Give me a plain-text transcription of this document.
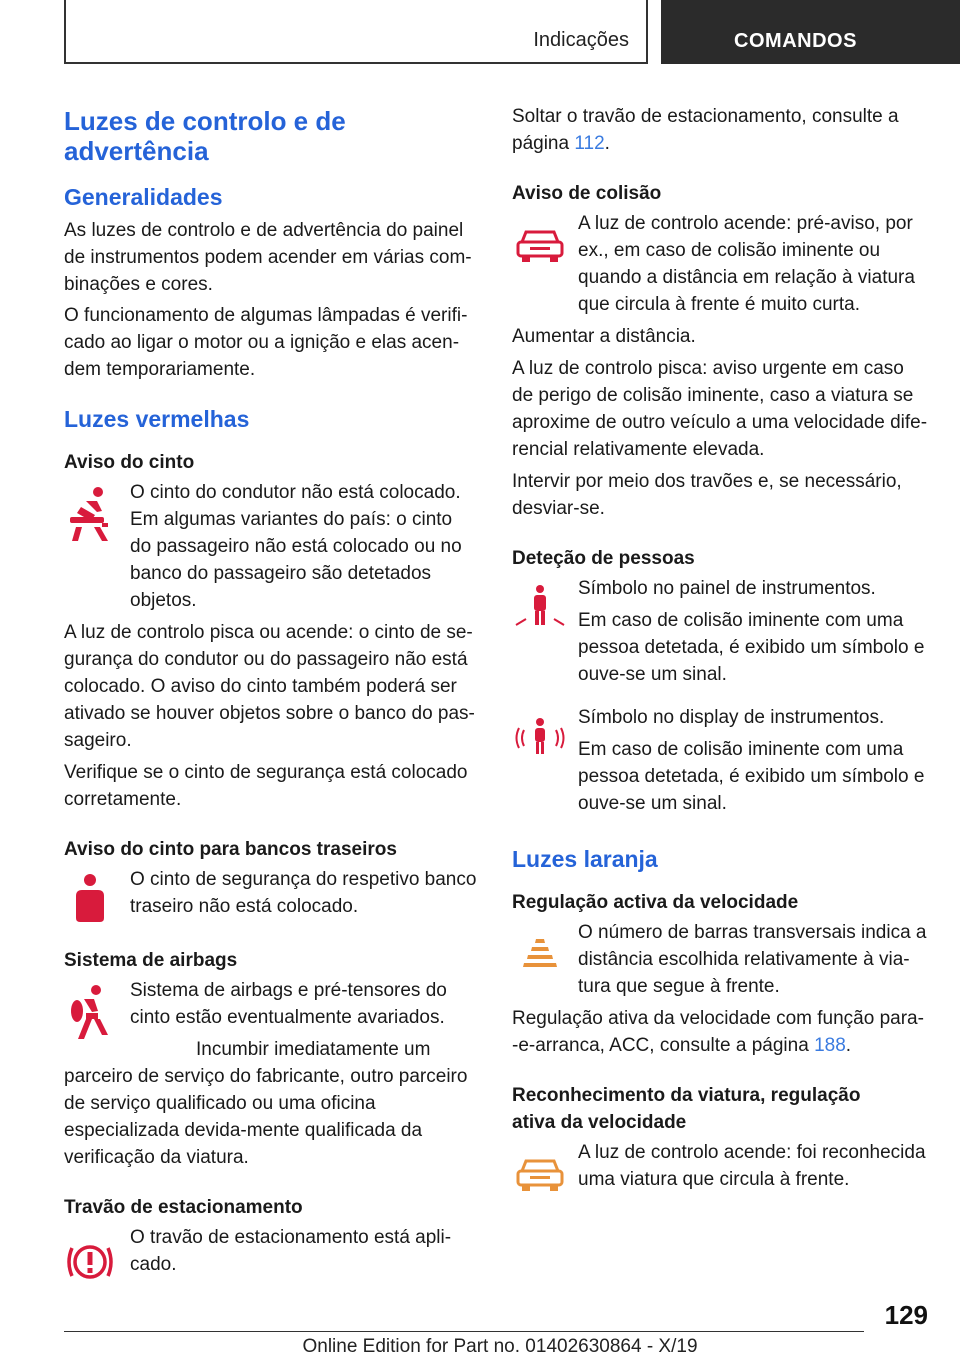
Indicações	COMANDOS
Luzes de controlo e de advertência
Generalidades

As luzes de controlo e de advertência do painel de instrumentos podem acender em várias com-binações e cores.

O funcionamento de algumas lâmpadas é verifi-cado ao ligar o motor ou a ignição e elas acen-dem temporariamente.

Luzes vermelhas
Aviso do cinto

O cinto do condutor não está colocado. Em algumas variantes do país: o cinto do passageiro não está colocado ou no banco do passageiro são detetados objetos.

A luz de controlo pisca ou acende: o cinto de se-gurança do condutor ou do passageiro não está colocado. O aviso do cinto também poderá ser ativado se houver objetos sobre o banco do pas-sageiro.

Verifique se o cinto de segurança está colocado corretamente.

Aviso do cinto para bancos traseiros

O cinto de segurança do respetivo banco traseiro não está colocado.

Sistema de airbags

Sistema de airbags e pré-tensores do cinto estão eventualmente avariados.

Incumbir imediatamente um parceiro de serviço do fabricante, outro parceiro de serviço qualificado ou uma oficina especializada devida-mente qualificada da verificação da viatura.

Travão de estacionamento

O travão de estacionamento está apli-cado.

Soltar o travão de estacionamento, consulte a página 112.

Aviso de colisão

A luz de controlo acende: pré-aviso, por ex., em caso de colisão iminente ou quando a distância em relação à viatura que circula à frente é muito curta.

Aumentar a distância.

A luz de controlo pisca: aviso urgente em caso de perigo de colisão iminente, caso a viatura se aproxime de outro veículo a uma velocidade dife-rencial relativamente elevada.

Intervir por meio dos travões e, se necessário, desviar-se.

Deteção de pessoas

Símbolo no painel de instrumentos.

Em caso de colisão iminente com uma pessoa detetada, é exibido um símbolo e ouve-se um sinal.

Símbolo no display de instrumentos.

Em caso de colisão iminente com uma pessoa detetada, é exibido um símbolo e ouve-se um sinal.

Luzes laranja
Regulação activa da velocidade

O número de barras transversais indica a distância escolhida relativamente à via-tura que segue à frente.

Regulação ativa da velocidade com função para--e-arranca, ACC, consulte a página 188.

Reconhecimento da viatura, regulação ativa da velocidade

A luz de controlo acende: foi reconhecida uma viatura que circula à frente.

129
Online Edition for Part no. 01402630864 - X/19
